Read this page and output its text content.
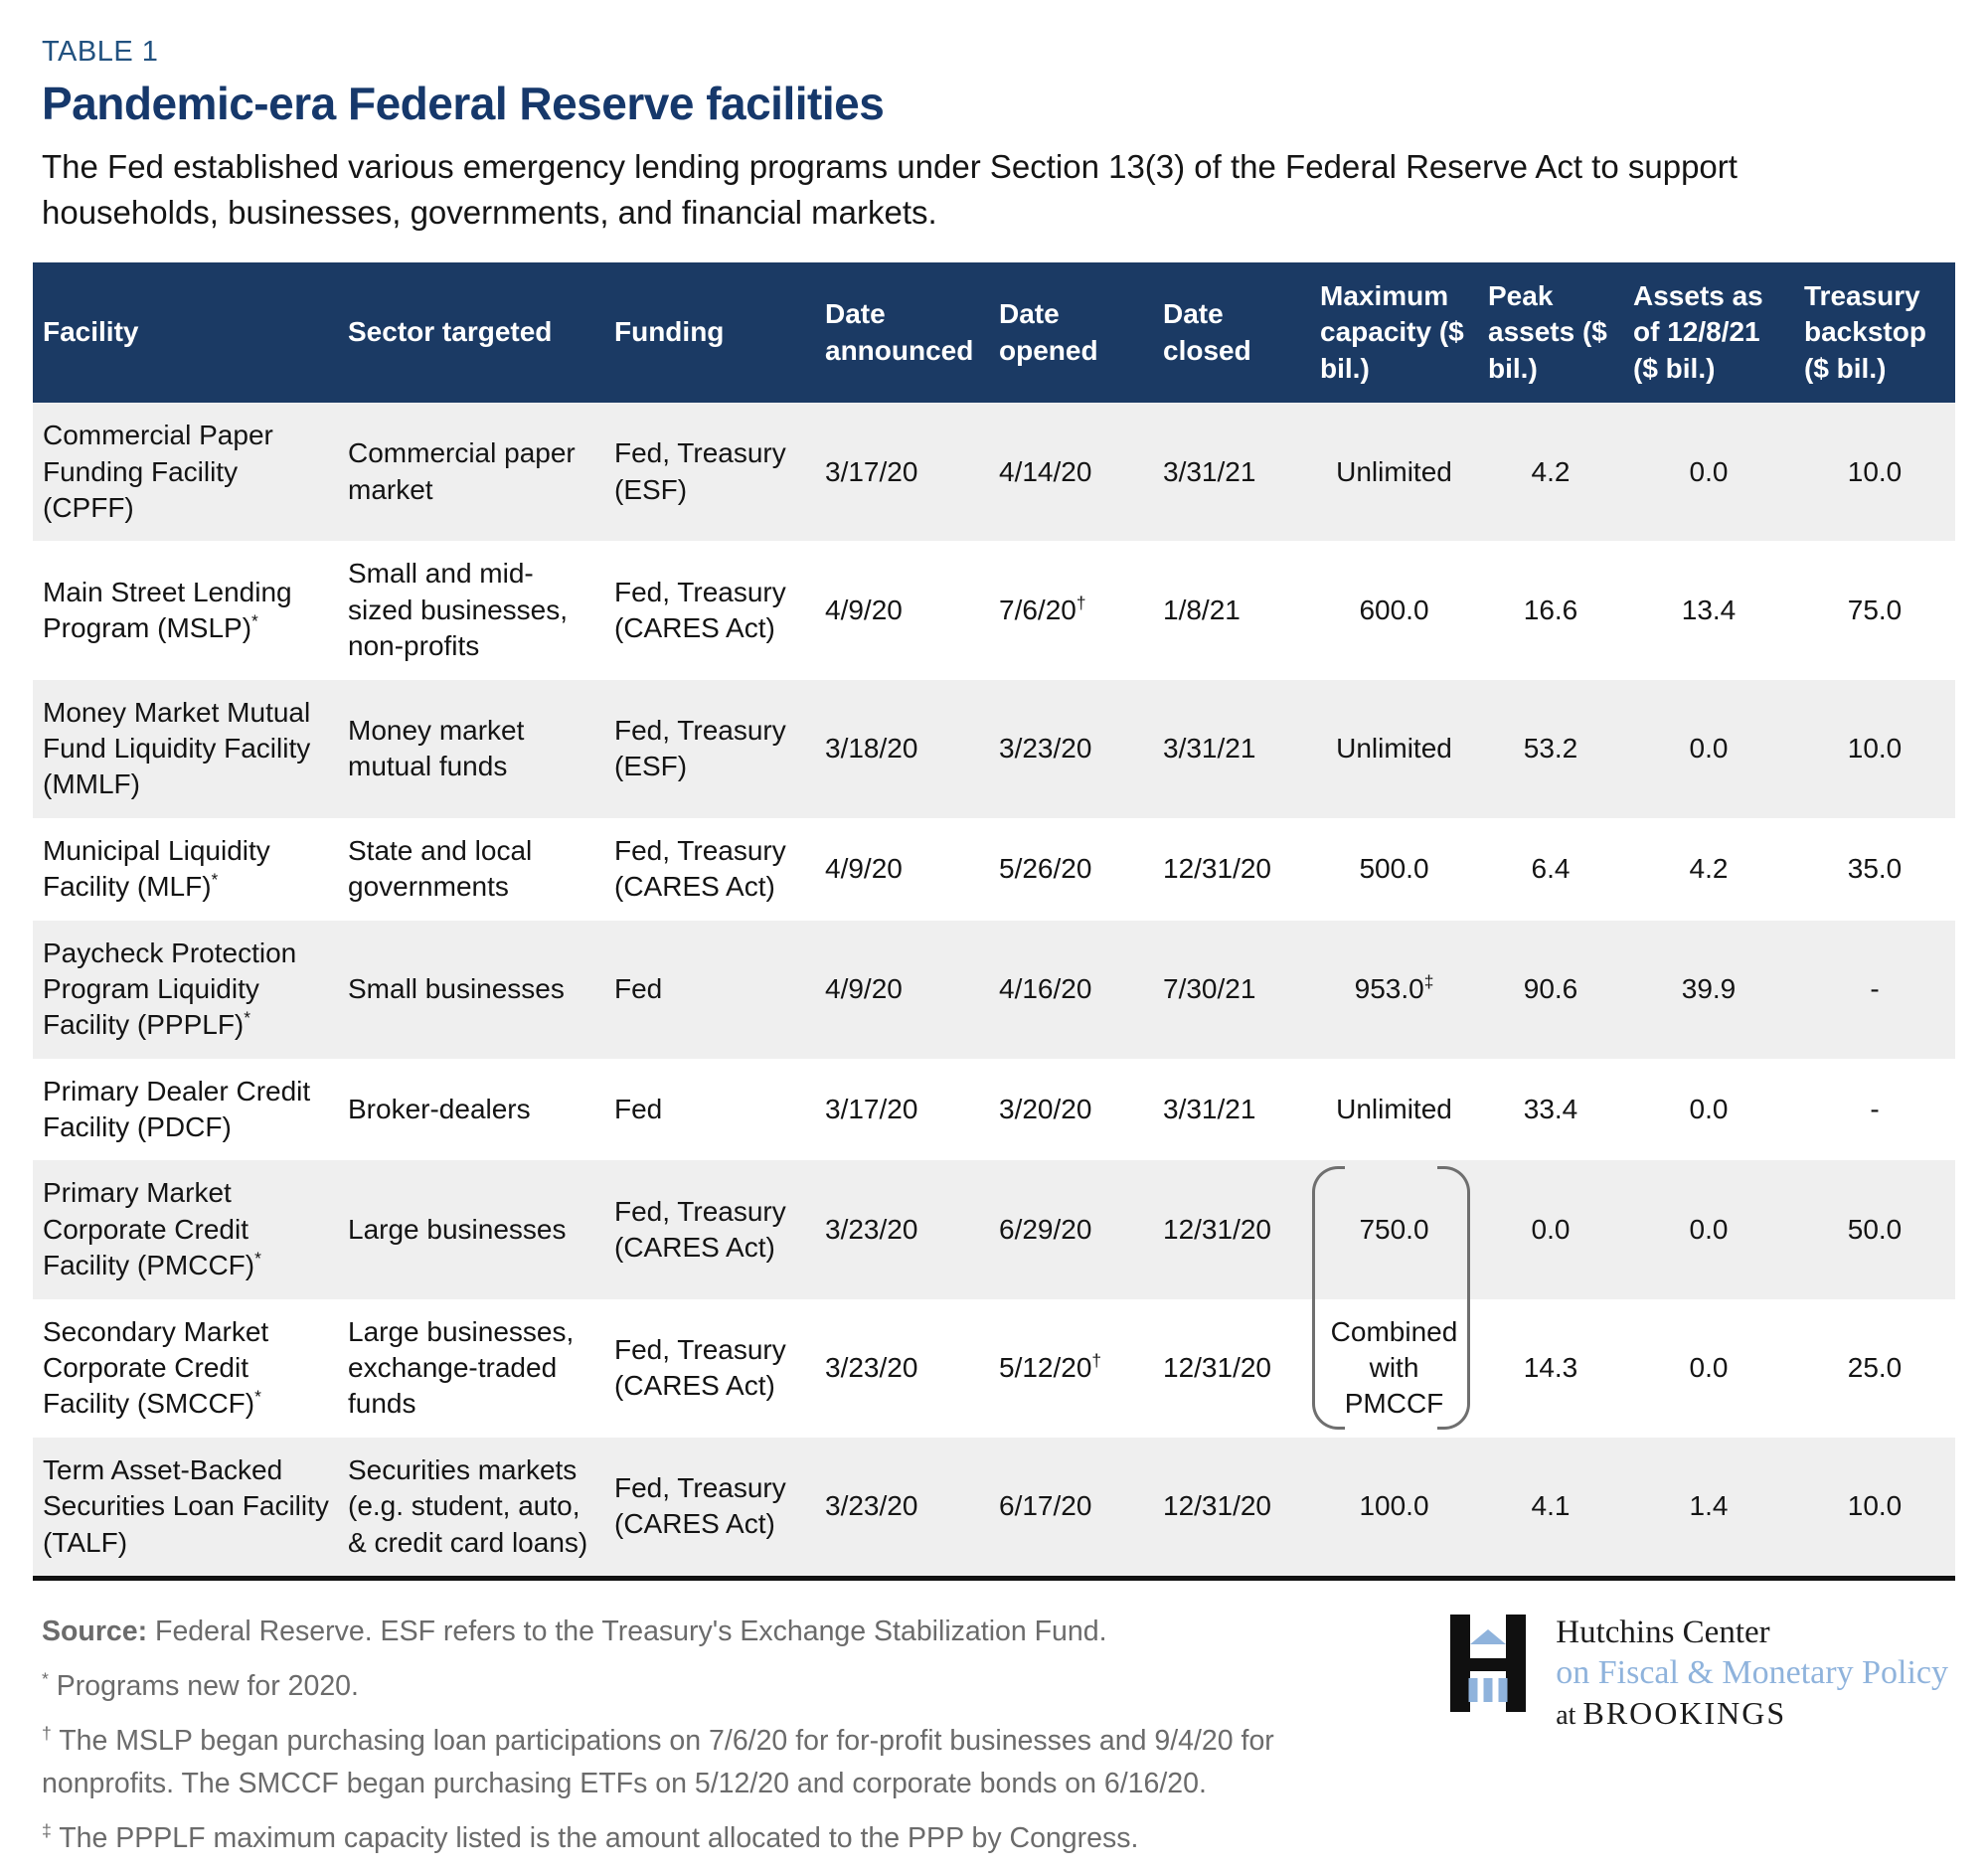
TABLE 1
Pandemic-era Federal Reserve facilities

The Fed established various emergency lending programs under Section 13(3) of the Federal Reserve Act to support households, businesses, governments, and financial markets.

Facility	Sector targeted	Funding	Date announced	Date opened	Date closed	Maximum capacity ($ bil.)	Peak assets ($ bil.)	Assets as of 12/8/21 ($ bil.)	Treasury backstop ($ bil.)
Commercial Paper Funding Facility (CPFF)	Commercial paper market	Fed, Treasury (ESF)	3/17/20	4/14/20	3/31/21	Unlimited	4.2	0.0	10.0
Main Street Lending Program (MSLP)*	Small and mid-sized businesses, non-profits	Fed, Treasury (CARES Act)	4/9/20	7/6/20†	1/8/21	600.0	16.6	13.4	75.0
Money Market Mutual Fund Liquidity Facility (MMLF)	Money market mutual funds	Fed, Treasury (ESF)	3/18/20	3/23/20	3/31/21	Unlimited	53.2	0.0	10.0
Municipal Liquidity Facility (MLF)*	State and local governments	Fed, Treasury (CARES Act)	4/9/20	5/26/20	12/31/20	500.0	6.4	4.2	35.0
Paycheck Protection Program Liquidity Facility (PPPLF)*	Small businesses	Fed	4/9/20	4/16/20	7/30/21	953.0‡	90.6	39.9	-
Primary Dealer Credit Facility (PDCF)	Broker-dealers	Fed	3/17/20	3/20/20	3/31/21	Unlimited	33.4	0.0	-
Primary Market Corporate Credit Facility (PMCCF)*	Large businesses	Fed, Treasury (CARES Act)	3/23/20	6/29/20	12/31/20	750.0	0.0	0.0	50.0
Secondary Market Corporate Credit Facility (SMCCF)*	Large businesses, exchange-traded funds	Fed, Treasury (CARES Act)	3/23/20	5/12/20†	12/31/20	Combined with PMCCF	14.3	0.0	25.0
Term Asset-Backed Securities Loan Facility (TALF)	Securities markets (e.g. student, auto, & credit card loans)	Fed, Treasury (CARES Act)	3/23/20	6/17/20	12/31/20	100.0	4.1	1.4	10.0

Source: Federal Reserve. ESF refers to the Treasury's Exchange Stabilization Fund.

* Programs new for 2020.

† The MSLP began purchasing loan participations on 7/6/20 for for-profit businesses and 9/4/20 for nonprofits. The SMCCF began purchasing ETFs on 5/12/20 and corporate bonds on 6/16/20.

‡ The PPPLF maximum capacity listed is the amount allocated to the PPP by Congress.

Hutchins Center
on Fiscal & Monetary Policy
at BROOKINGS
